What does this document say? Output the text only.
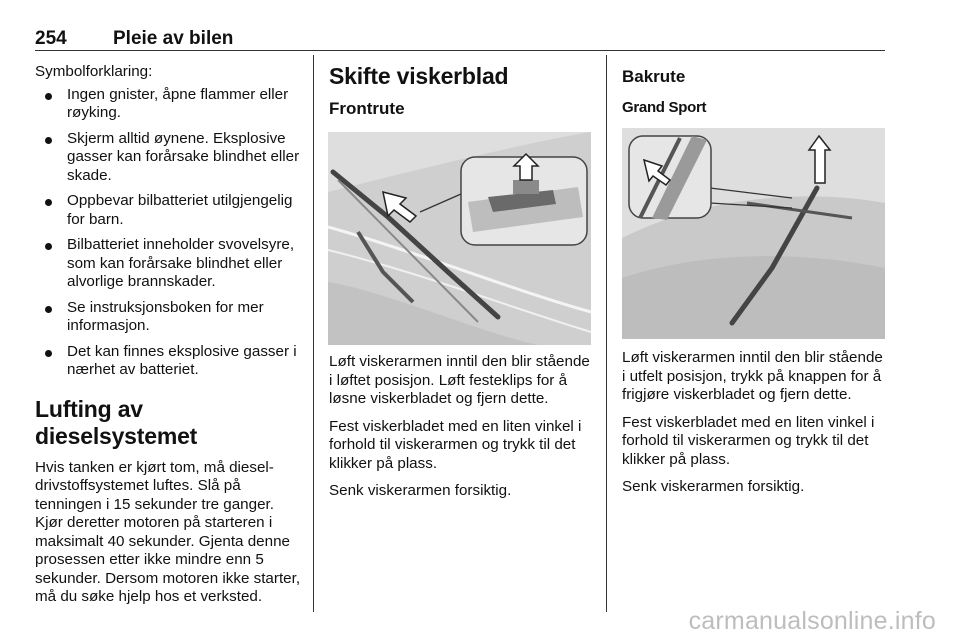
254 Pleie av bilen

Symbolforklaring:

Ingen gnister, åpne flammer eller røyking.
Skjerm alltid øynene. Eksplosive gasser kan forårsake blindhet eller skade.
Oppbevar bilbatteriet utilgjengelig for barn.
Bilbatteriet inneholder svovelsyre, som kan forårsake blindhet eller alvorlige brannskader.
Se instruksjonsboken for mer informasjon.
Det kan finnes eksplosive gasser i nærhet av batteriet.
Lufting av dieselsystemet

Hvis tanken er kjørt tom, må dieseldrivstoffsystemet luftes. Slå på tenningen i 15 sekunder tre ganger. Kjør deretter motoren på starteren i maksimalt 40 sekunder. Gjenta denne prosessen etter ikke mindre enn 5 sekunder. Dersom motoren ikke starter, må du søke hjelp hos et verksted.

Skifte viskerblad
Frontrute

Løft viskerarmen inntil den blir stående i løftet posisjon. Løft festeklips for å løsne viskerbladet og fjern dette.

Fest viskerbladet med en liten vinkel i forhold til viskerarmen og trykk til det klikker på plass.

Senk viskerarmen forsiktig.

Bakrute
Grand Sport

Løft viskerarmen inntil den blir stående i utfelt posisjon, trykk på knappen for å frigjøre viskerbladet og fjern dette.

Fest viskerbladet med en liten vinkel i forhold til viskerarmen og trykk til det klikker på plass.

Senk viskerarmen forsiktig.

carmanualsonline.info
